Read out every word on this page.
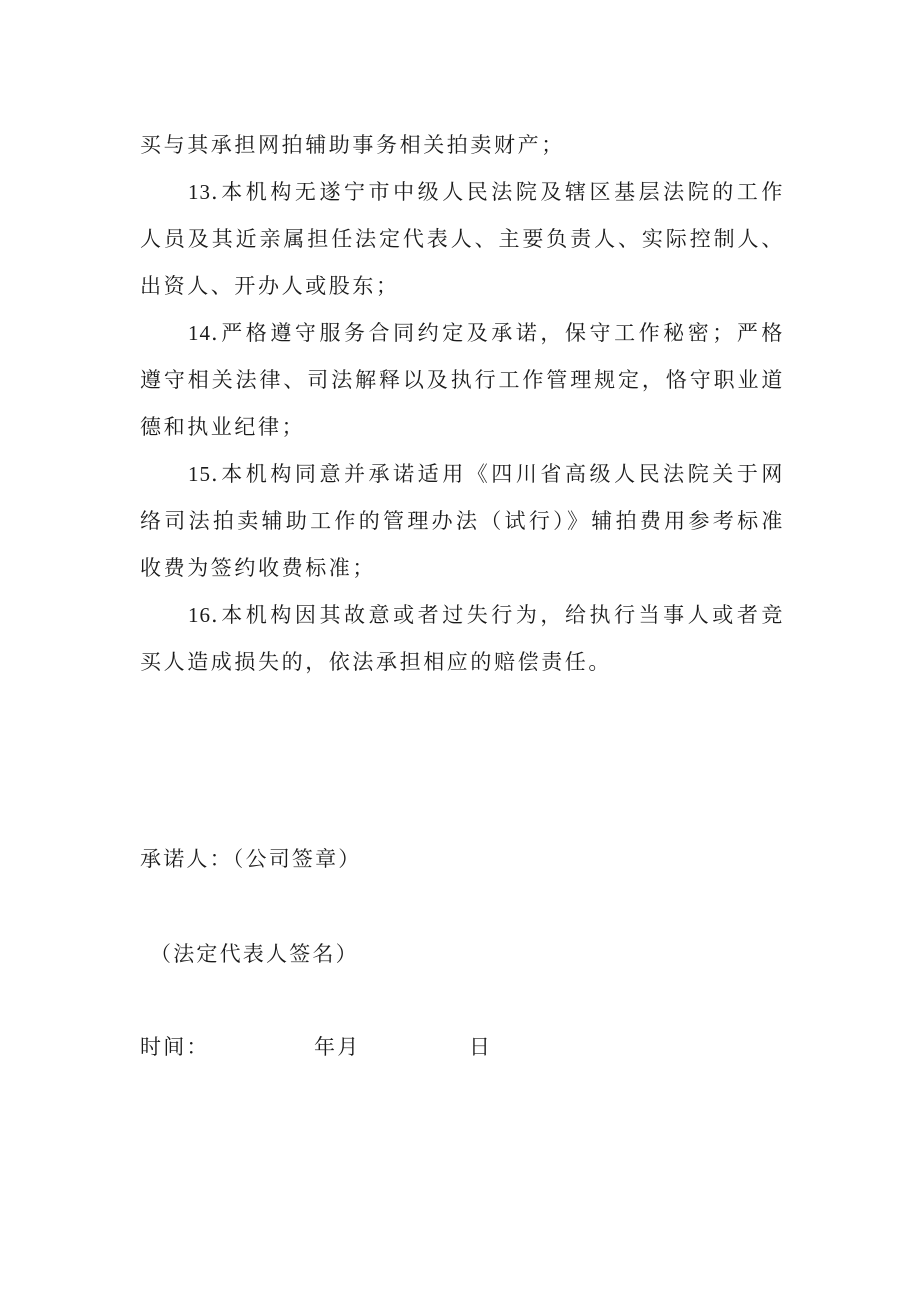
买与其承担网拍辅助事务相关拍卖财产；

13.本机构无遂宁市中级人民法院及辖区基层法院的工作人员及其近亲属担任法定代表人、主要负责人、实际控制人、出资人、开办人或股东；

14.严格遵守服务合同约定及承诺，保守工作秘密；严格遵守相关法律、司法解释以及执行工作管理规定，恪守职业道德和执业纪律；

15.本机构同意并承诺适用《四川省高级人民法院关于网络司法拍卖辅助工作的管理办法（试行）》辅拍费用参考标准收费为签约收费标准；

16.本机构因其故意或者过失行为，给执行当事人或者竞买人造成损失的，依法承担相应的赔偿责任。

承诺人：（公司签章）
（法定代表人签名）
时间：	年月	日
